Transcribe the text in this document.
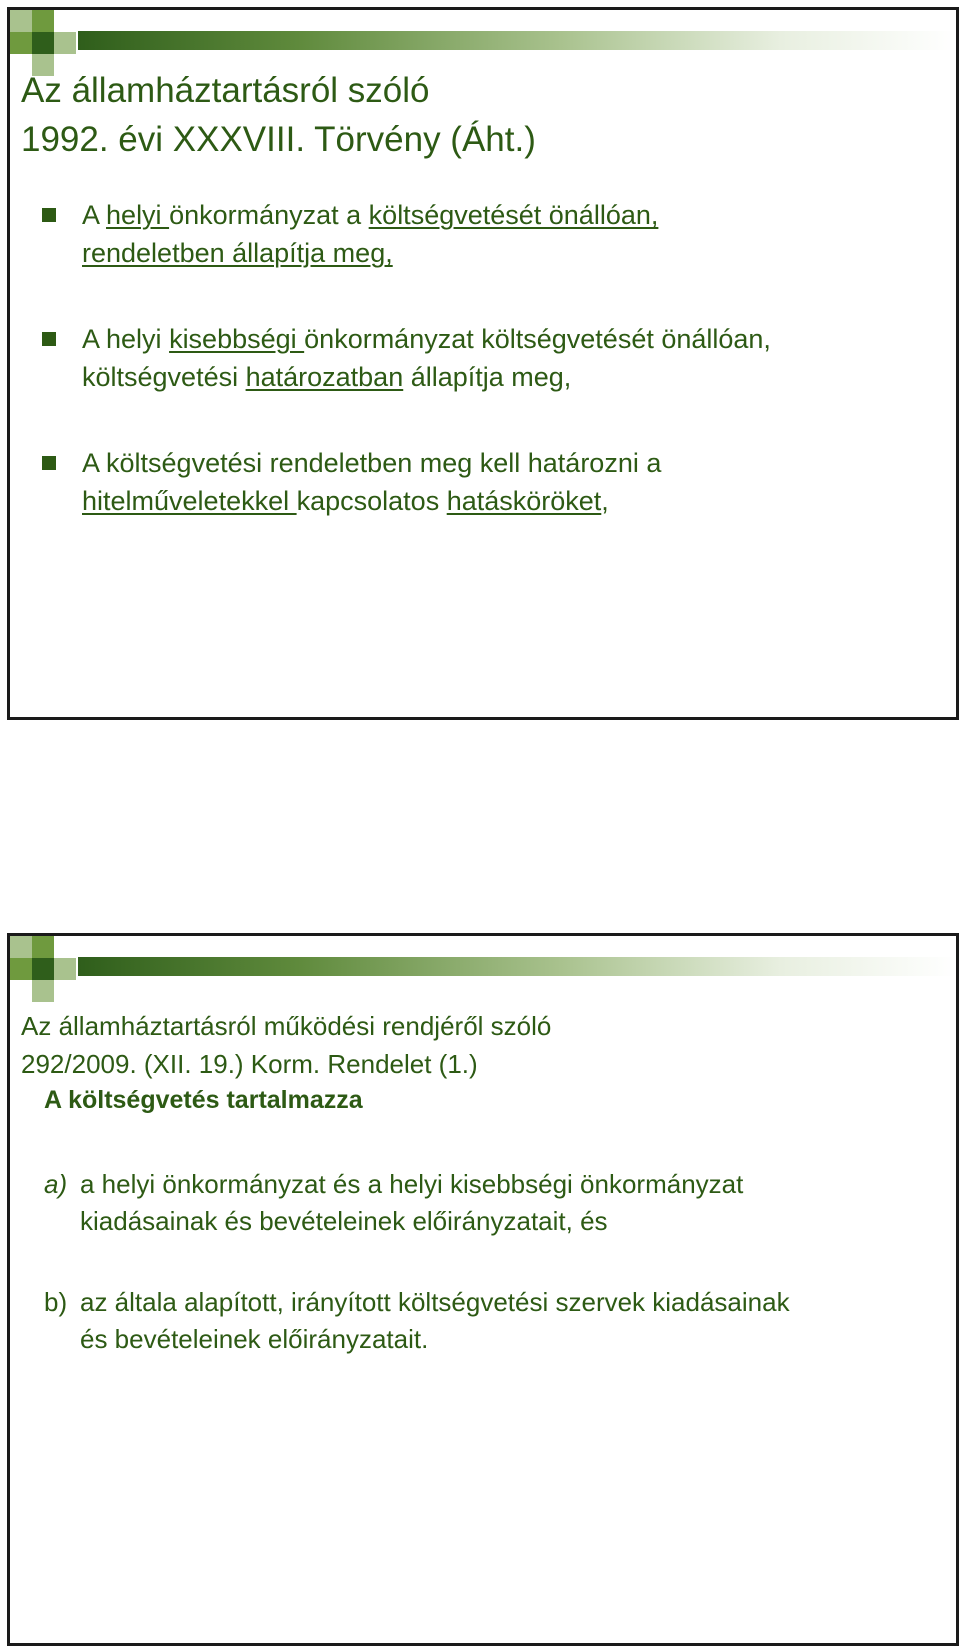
Az államháztartásról szóló
1992. évi XXXVIII. Törvény (Áht.)
A helyi önkormányzat a költségvetését önállóan,
rendeletben állapítja meg,
A helyi kisebbségi önkormányzat költségvetését önállóan,
költségvetési határozatban állapítja meg,
A költségvetési rendeletben meg kell határozni a
hitelműveletekkel kapcsolatos hatásköröket,
Az államháztartásról működési rendjéről szóló
292/2009. (XII. 19.) Korm. Rendelet (1.)

A költségvetés tartalmazza

a) a helyi önkormányzat és a helyi kisebbségi önkormányzat
kiadásainak és bevételeinek előirányzatait, és
b) az általa alapított, irányított költségvetési szervek kiadásainak
és bevételeinek előirányzatait.
